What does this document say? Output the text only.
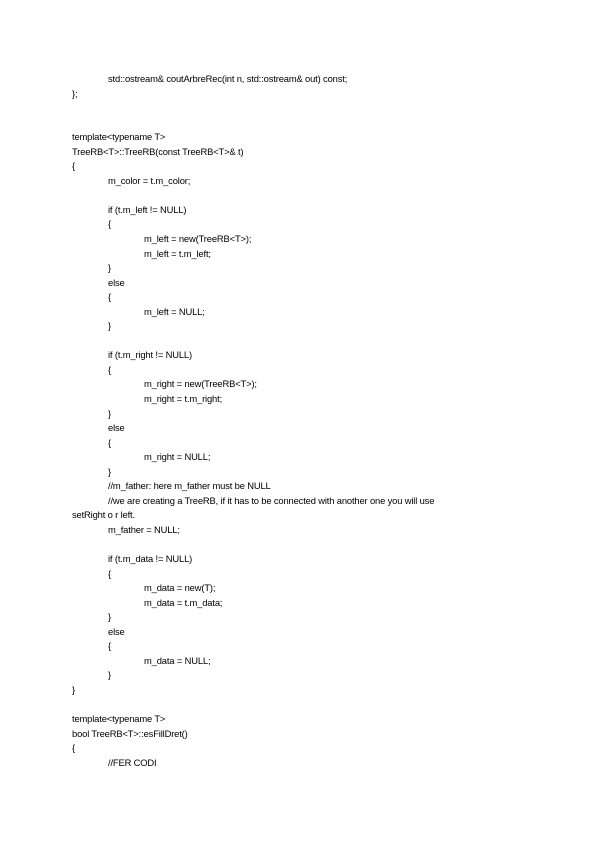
std::ostream& coutArbreRec(int n, std::ostream& out) const;
};
template<typename T>
TreeRB<T>::TreeRB(const TreeRB<T>& t)
{
m_color = t.m_color;
if (t.m_left != NULL)
{
m_left = new(TreeRB<T>);
m_left = t.m_left;
}
else
{
m_left = NULL;
}
if (t.m_right != NULL)
{
m_right = new(TreeRB<T>);
m_right = t.m_right;
}
else
{
m_right = NULL;
}
//m_father: here m_father must be NULL
//we are creating a TreeRB, if it has to be connected with another one you will use
setRight o r left.
m_father = NULL;
if (t.m_data != NULL)
{
m_data = new(T);
m_data = t.m_data;
}
else
{
m_data = NULL;
}
}
template<typename T>
bool TreeRB<T>::esFillDret()
{
//FER CODI
